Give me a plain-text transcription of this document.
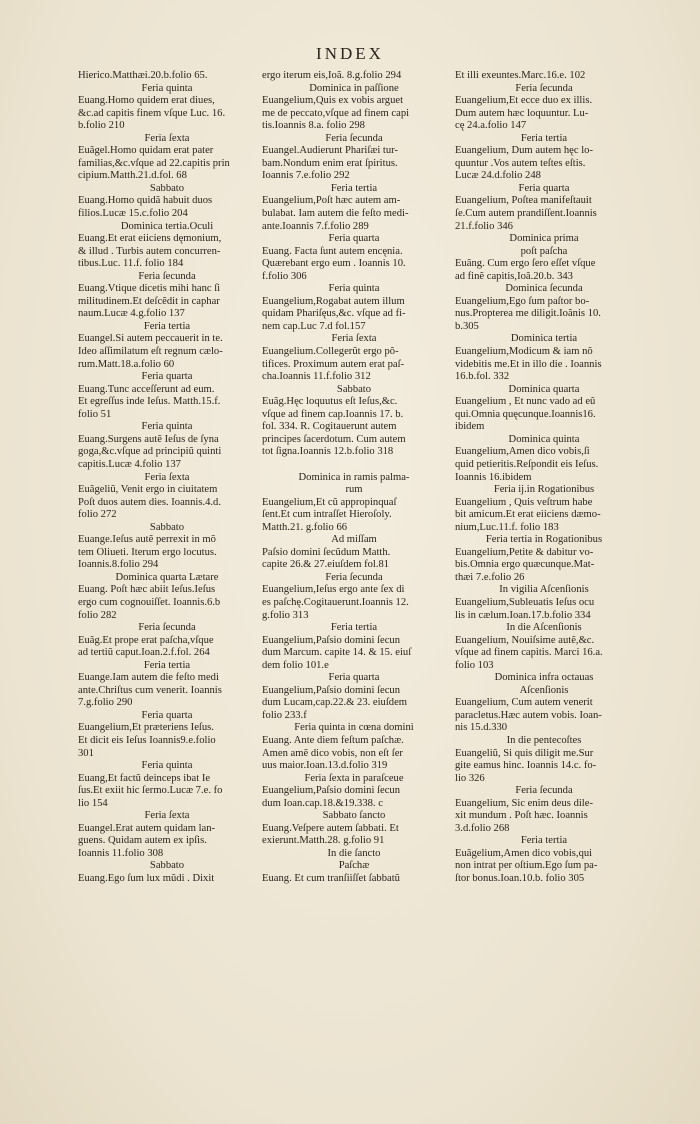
INDEX
Hierico.Matthæi.20.b.folio 65.
Feria quinta
Euang.Homo quidem erat diues,
&c.ad capitis finem vſque Luc. 16.
b.folio 210
Feria ſexta
Euãgel.Homo quidam erat pater
familias,&c.vſque ad 22.capitis prin
cipium.Matth.21.d.fol. 68
Sabbato
Euang.Homo quidã habuit duos
filios.Lucæ 15.c.folio 204
Dominica tertia.Oculi
Euang.Et erat eiiciens dęmonium,
& illud . Turbis autem concurren-
tibus.Luc. 11.f. folio 184
Feria ſecunda
Euang.Vtique dicetis mihi hanc ſi
militudinem.Et deſcẽdit in caphar
naum.Lucæ 4.g.folio 137
Feria tertia
Euangel.Si autem peccauerit in te.
Ideo aſſimilatum eſt regnum cælo-
rum.Matt.18.a.folio 60
Feria quarta
Euang.Tunc acceſſerunt ad eum.
Et egreſſus inde Ieſus. Matth.15.f.
folio 51
Feria quinta
Euang.Surgens autẽ Ieſus de ſyna
goga,&c.vſque ad principiũ quinti
capitis.Lucæ 4.folio 137
Feria ſexta
Euãgeliũ, Venit ergo in ciuitatem
Poſt duos autem dies. Ioannis.4.d.
folio 272
Sabbato
Euange.Ieſus autẽ perrexit in mõ
tem Oliueti. Iterum ergo locutus.
Ioannis.8.folio 294
Dominica quarta Lætare
Euang. Poſt hæc abiit Ieſus.Ieſus
ergo cum cognouiſſet. Ioannis.6.b
folio 282
Feria ſecunda
Euãg.Et prope erat paſcha,vſque
ad tertiũ caput.Ioan.2.f.fol. 264
Feria tertia
Euange.Iam autem die feſto medi
ante.Chriſtus cum venerit. Ioannis
7.g.folio 290
Feria quarta
Euangelium,Et præteriens Ieſus.
Et dicit eis Ieſus Ioannis9.e.folio
301
Feria quinta
Euang,Et factũ deinceps ibat Ie
ſus.Et exiit hic ſermo.Lucæ 7.e. fo
lio 154
Feria ſexta
Euangel.Erat autem quidam lan-
guens. Quidam autem ex ipſis.
Ioannis 11.folio 308
Sabbato
Euang.Ego ſum lux mũdi . Dixit
ergo iterum eis,Ioã. 8.g.folio 294
Dominica in paſſione
Euangelium,Quis ex vobis arguet
me de peccato,vſque ad finem capi
tis.Ioannis 8.a. folio 298
Feria ſecunda
Euangel.Audierunt Phariſæi tur-
bam.Nondum enim erat ſpiritus.
Ioannis 7.e.folio 292
Feria tertia
Euangelium,Poſt hæc autem am-
bulabat. Iam autem die feſto medi-
ante.Ioannis 7.f.folio 289
Feria quarta
Euang. Facta ſunt autem encęnia.
Quærebant ergo eum . Ioannis 10.
f.folio 306
Feria quinta
Euangelium,Rogabat autem illum
quidam Phariſęus,&c. vſque ad fi-
nem cap.Luc 7.d fol.157
Feria ſexta
Euangelium.Collegerũt ergo põ-
tifices. Proximum autem erat paſ-
cha.Ioannis 11.f.folio 312
Sabbato
Euãg.Hęc loquutus eſt Ieſus,&c.
vſque ad finem cap.Ioannis 17. b.
fol. 334. R. Cogitauerunt autem
principes ſacerdotum. Cum autem
tot ſigna.Ioannis 12.b.folio 318
Dominica in ramis palma-
rum
Euangelium,Et cũ appropinquaſ
ſent.Et cum intraſſet Hieroſoly.
Matth.21. g.folio 66
Ad miſſam
Paſsio domini ſecũdum Matth.
capite 26.& 27.eiuſdem fol.81
Feria ſecunda
Euangelium,Ieſus ergo ante ſex di
es paſchę.Cogitauerunt.Ioannis 12.
g.folio 313
Feria tertia
Euangelium,Paſsio domini ſecun
dum Marcum. capite 14. & 15. eiuſ
dem folio 101.e
Feria quarta
Euangelium,Paſsio domini ſecun
dum Lucam,cap.22.& 23. eiuſdem
folio 233.f
Feria quinta in cœna domini
Euang. Ante diem feſtum paſchæ.
Amen amẽ dico vobis, non eſt ſer
uus maior.Ioan.13.d.folio 319
Feria ſexta in paraſceue
Euangelium,Paſsio domini ſecun
dum Ioan.cap.18.&19.338. c
Sabbato ſancto
Euang.Veſpere autem ſabbati. Et
exierunt.Matth.28. g.folio 91
In die ſancto
Paſchæ
Euang. Et cum tranſiiſſet ſabbatũ
Et illi exeuntes.Marc.16.e. 102
Feria ſecunda
Euangelium,Et ecce duo ex illis.
Dum autem hæc loquuntur. Lu-
cę 24.a.folio 147
Feria tertia
Euangelium, Dum autem hęc lo-
quuntur .Vos autem teſtes eſtis.
Lucæ 24.d.folio 248
Feria quarta
Euangelium, Poſtea manifeſtauit
ſe.Cum autem prandiſſent.Ioannis
21.f.folio 346
Dominica prima
poſt paſcha
Euãng. Cum ergo ſero eſſet vſque
ad finẽ capitis,Ioã.20.b. 343
Dominica ſecunda
Euangelium,Ego ſum paſtor bo-
nus.Propterea me diligit.Ioãnis 10.
b.305
Dominica tertia
Euangelium,Modicum & iam nõ
videbitis me.Et in illo die . Ioannis
16.b.fol. 332
Dominica quarta
Euangelium , Et nunc vado ad eũ
qui.Omnia quęcunque.Ioannis16.
ibidem
Dominica quinta
Euangelium,Amen dico vobis,ſi
quid petieritis.Reſpondit eis Ieſus.
Ioannis 16.ibidem
Feria ij.in Rogationibus
Euangelium , Quis veſtrum habe
bit amicum.Et erat eiiciens dæmo-
nium,Luc.11.f. folio 183
Feria tertia in Rogationibus
Euangelium,Petite & dabitur vo-
bis.Omnia ergo quæcunque.Mat-
thæi 7.e.folio 26
In vigilia Aſcenſionis
Euangelium,Subleuatis Ieſus ocu
lis in cælum.Ioan.17.b.folio 334
In die Aſcenſionis
Euangelium, Nouiſsime autẽ,&c.
vſque ad finem capitis. Marci 16.a.
folio 103
Dominica infra octauas
Aſcenſionis
Euangelium, Cum autem venerit
paracletus.Hæc autem vobis. Ioan-
nis 15.d.330
In die pentecoſtes
Euangeliũ, Si quis diligit me.Sur
gite eamus hinc. Ioannis 14.c. fo-
lio 326
Feria ſecunda
Euangelium, Sic enim deus dile-
xit mundum . Poſt hæc. Ioannis
3.d.folio 268
Feria tertia
Euãgelium,Amen dico vobis,qui
non intrat per oſtium.Ego ſum pa-
ſtor bonus.Ioan.10.b. folio 305
